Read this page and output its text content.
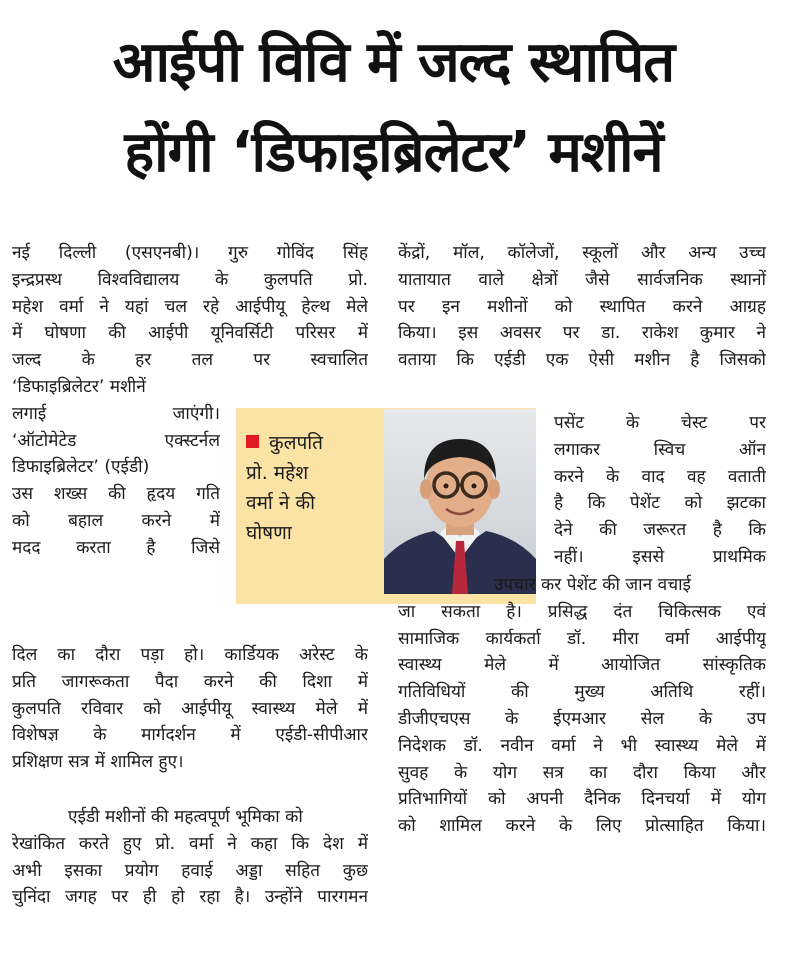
आईपी विवि में जल्द स्थापित
होंगी ‘डिफाइब्रिलेटर’ मशीनें
नई दिल्ली (एसएनबी)। गुरु गोविंद सिंह
इन्द्रप्रस्थ विश्वविद्यालय के कुलपति प्रो.
महेश वर्मा ने यहां चल रहे आईपीयू हेल्थ मेले
में घोषणा की आईपी यूनिवर्सिटी परिसर में
जल्द के हर तल पर स्वचालित
‘डिफाइब्रिलेटर’ मशीनें
लगाई जाएंगी।
‘ऑटोमेटेड एक्स्टर्नल
डिफाइब्रिलेटर’ (एईडी)
उस शख्स की हृदय गति
को बहाल करने में
मदद करता है जिसे
दिल का दौरा पड़ा हो। कार्डियक अरेस्ट के
प्रति जागरूकता पैदा करने की दिशा में
कुलपति रविवार को आईपीयू स्वास्थ्य मेले में
विशेषज्ञ के मार्गदर्शन में एईडी-सीपीआर
प्रशिक्षण सत्र में शामिल हुए।
एईडी मशीनों की महत्वपूर्ण भूमिका को
रेखांकित करते हुए प्रो. वर्मा ने कहा कि देश में
अभी इसका प्रयोग हवाई अड्डा सहित कुछ
चुनिंदा जगह पर ही हो रहा है। उन्होंने पारगमन
कुलपति
प्रो. महेश
वर्मा ने की
घोषणा
केंद्रों, मॉल, कॉलेजों, स्कूलों और अन्य उच्च
यातायात वाले क्षेत्रों जैसे सार्वजनिक स्थानों
पर इन मशीनों को स्थापित करने आग्रह
किया। इस अवसर पर डा. राकेश कुमार ने
वताया कि एईडी एक ऐसी मशीन है जिसको
पसेंट के चेस्ट पर
लगाकर स्विच ऑन
करने के वाद वह वताती
है कि पेशेंट को झटका
देने की जरूरत है कि
नहीं। इससे प्राथमिक
उपचार कर पेशेंट की जान वचाई
जा सकता है। प्रसिद्ध दंत चिकित्सक एवं
सामाजिक कार्यकर्ता डॉ. मीरा वर्मा आईपीयू
स्वास्थ्य मेले में आयोजित सांस्कृतिक
गतिविधियों की मुख्य अतिथि रहीं।
डीजीएचएस के ईएमआर सेल के उप
निदेशक डॉ. नवीन वर्मा ने भी स्वास्थ्य मेले में
सुवह के योग सत्र का दौरा किया और
प्रतिभागियों को अपनी दैनिक दिनचर्या में योग
को शामिल करने के लिए प्रोत्साहित किया।
